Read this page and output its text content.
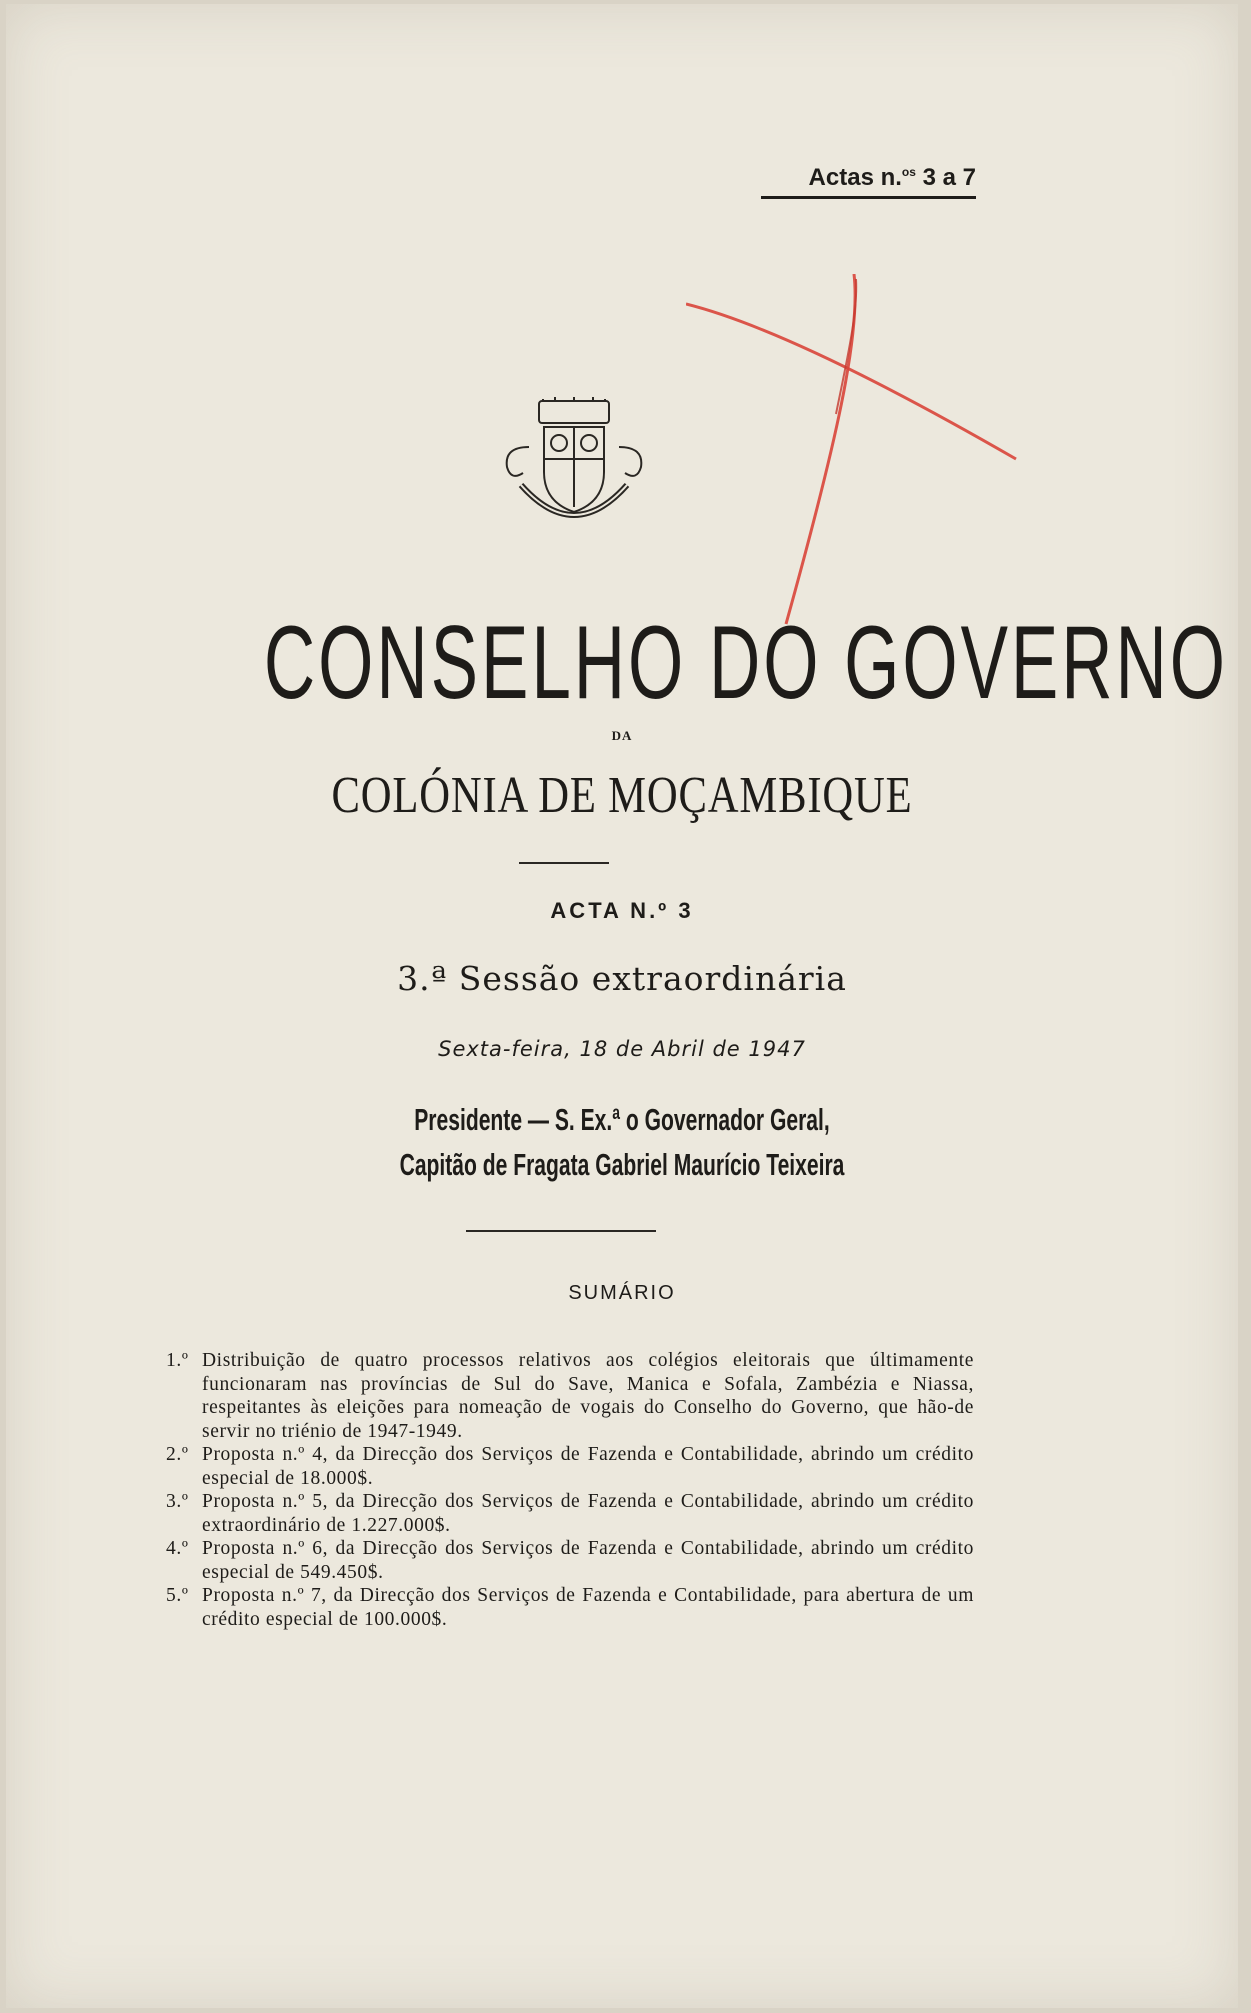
Actas n.$^{os}$ 3 a 7
CONSELHO DO GOVERNO
DA
COLÓNIA DE MOÇAMBIQUE
ACTA N.º 3
3.ª Sessão extraordinária
Sexta-feira, 18 de Abril de 1947
Presidente — S. Ex.ª o Governador Geral,
Capitão de Fragata Gabriel Maurício Teixeira
SUMÁRIO
1.º Distribuição de quatro processos relativos aos colégios eleitorais que últimamente funcionaram nas províncias de Sul do Save, Manica e Sofala, Zambézia e Niassa, respeitantes às eleições para nomeação de vogais do Conselho do Governo, que hão-de servir no triénio de 1947-1949.
2.º Proposta n.º 4, da Direcção dos Serviços de Fazenda e Contabilidade, abrindo um crédito especial de 18.000$.
3.º Proposta n.º 5, da Direcção dos Serviços de Fazenda e Contabilidade, abrindo um crédito extraordinário de 1.227.000$.
4.º Proposta n.º 6, da Direcção dos Serviços de Fazenda e Contabilidade, abrindo um crédito especial de 549.450$.
5.º Proposta n.º 7, da Direcção dos Serviços de Fazenda e Contabilidade, para abertura de um crédito especial de 100.000$.
